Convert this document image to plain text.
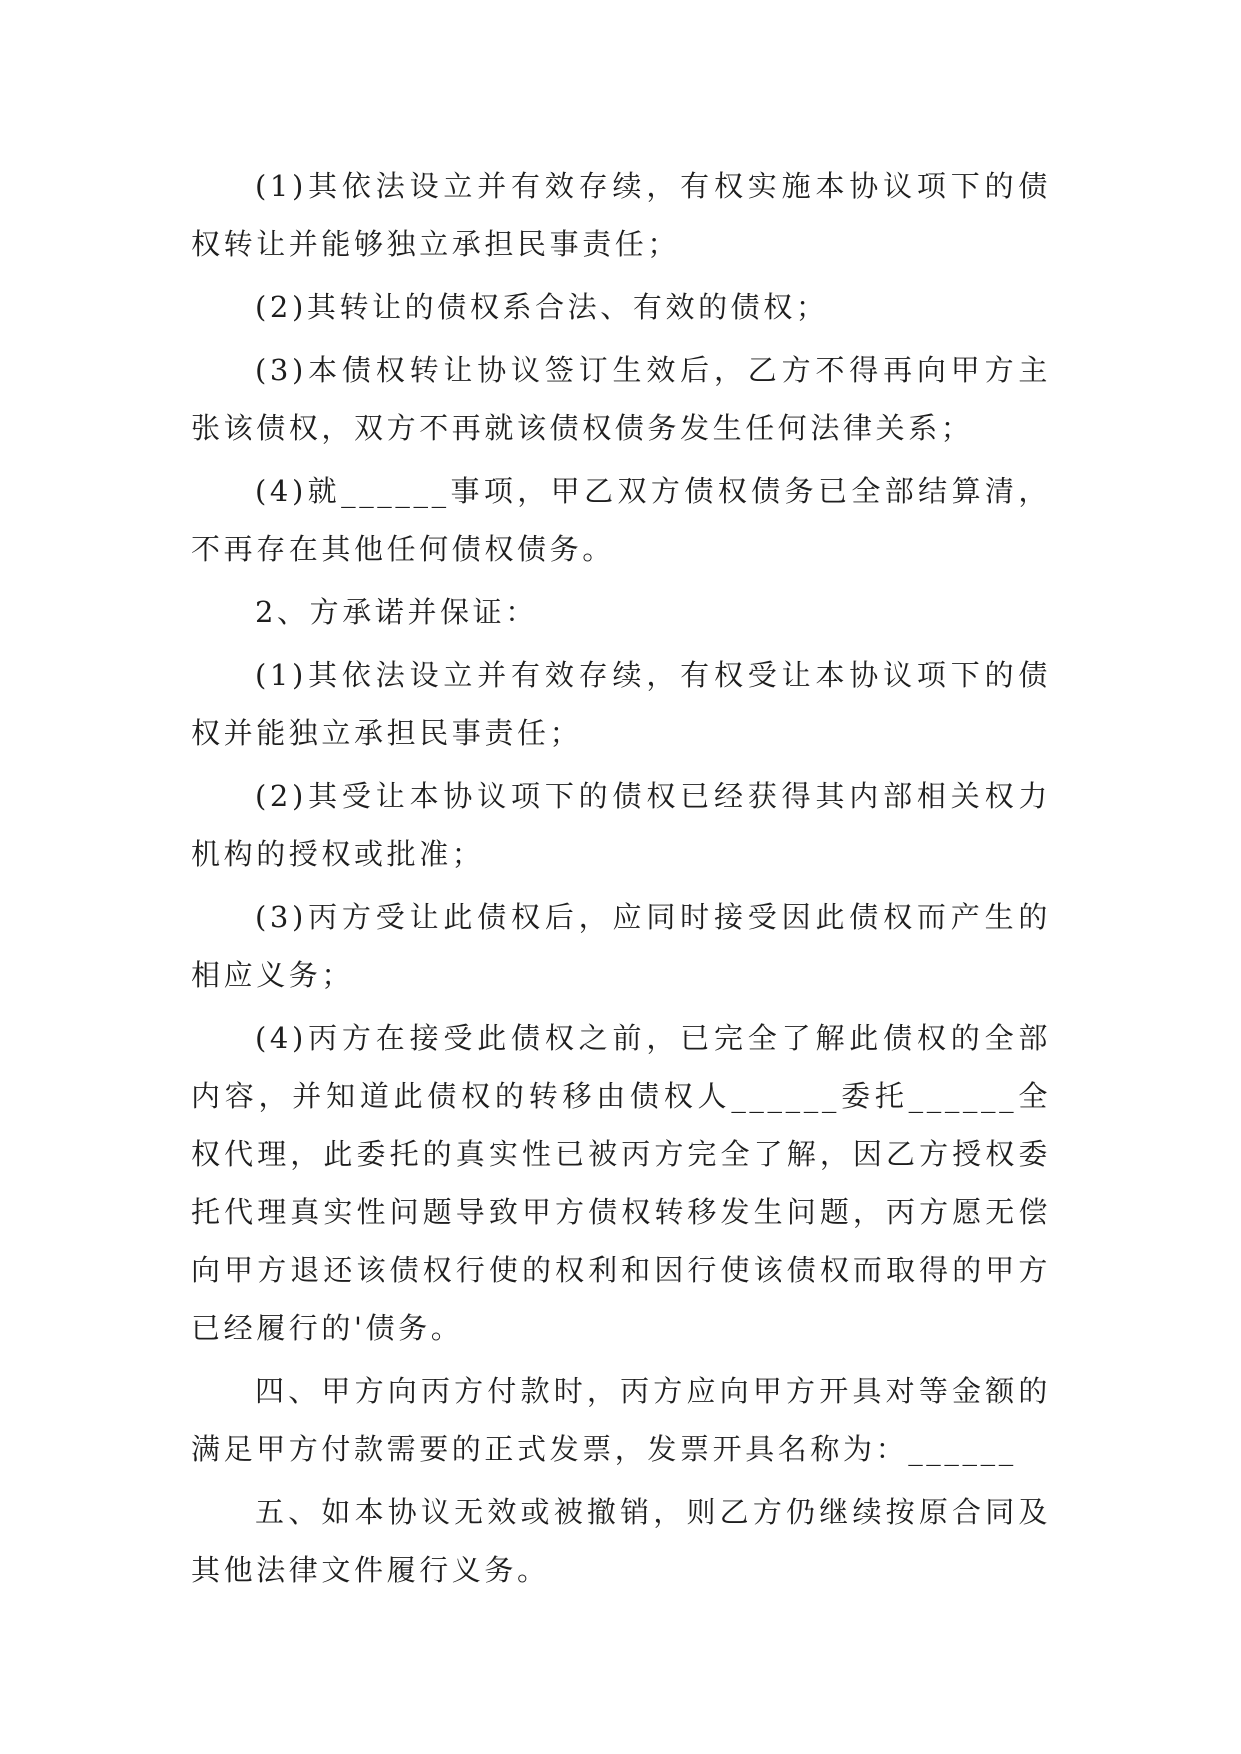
(1)其依法设立并有效存续，有权实施本协议项下的债权转让并能够独立承担民事责任；

(2)其转让的债权系合法、有效的债权；

(3)本债权转让协议签订生效后，乙方不得再向甲方主张该债权，双方不再就该债权债务发生任何法律关系；

(4)就______事项，甲乙双方债权债务已全部结算清，不再存在其他任何债权债务。

2、方承诺并保证：

(1)其依法设立并有效存续，有权受让本协议项下的债权并能独立承担民事责任；

(2)其受让本协议项下的债权已经获得其内部相关权力机构的授权或批准；

(3)丙方受让此债权后，应同时接受因此债权而产生的相应义务；

(4)丙方在接受此债权之前，已完全了解此债权的全部内容，并知道此债权的转移由债权人______委托______全权代理，此委托的真实性已被丙方完全了解，因乙方授权委托代理真实性问题导致甲方债权转移发生问题，丙方愿无偿向甲方退还该债权行使的权利和因行使该债权而取得的甲方已经履行的'债务。

四、甲方向丙方付款时，丙方应向甲方开具对等金额的满足甲方付款需要的正式发票，发票开具名称为：______

五、如本协议无效或被撤销，则乙方仍继续按原合同及其他法律文件履行义务。
